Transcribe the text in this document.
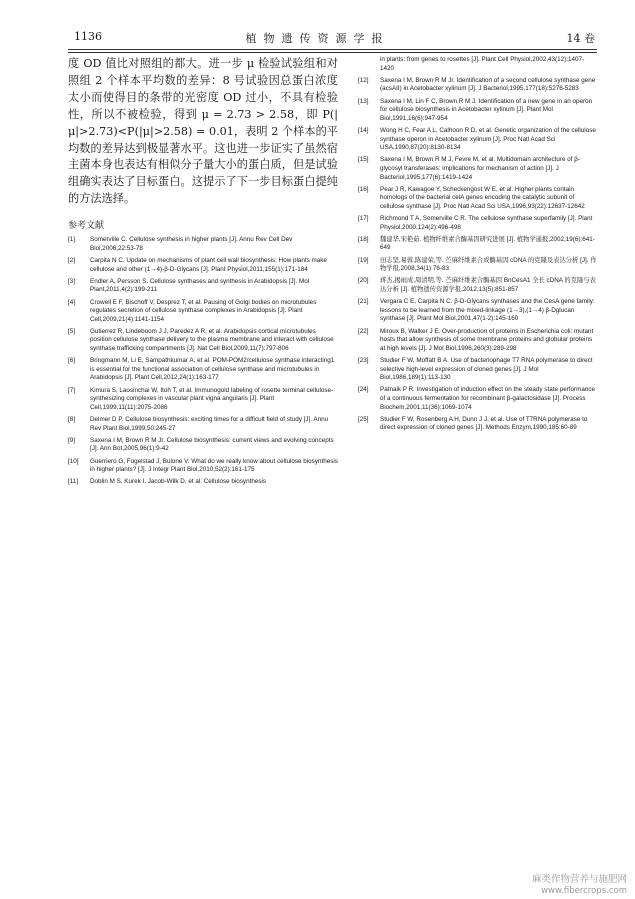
1136	植物遗传资源学报	14 卷

度 OD 值比对照组的都大。进一步 μ 检验试验组和对照组 2 个样本平均数的差异：8 号试验因总蛋白浓度太小而使得目的条带的光密度 OD 过小，不具有检验性，所以不被检验，得到 μ = 2.73 > 2.58，即 P(|μ|>2.73)<P(|μ|>2.58) = 0.01，表明 2 个样本的平均数的差异达到极显著水平。这也进一步证实了虽然宿主菌本身也表达有相似分子量大小的蛋白质，但是试验组确实表达了目标蛋白。这提示了下一步目标蛋白提纯的方法选择。

参考文献
[1] Somerville C. Cellulose synthesis in higher plants [J]. Annu Rev Cell Dev Biol,2006,22:53-78
[2] Carpita N C. Update on mechanisms of plant cell wall biosynthesis: How plants make cellulose and other (1→4)-β-D-Glycans [J]. Plant Physiol,2011,155(1):171-184
[3] Endler A, Persson S. Cellulose synthases and synthesis in Arabidopsis [J]. Mol Plant,2011,4(2):199-211
[4] Crowell E F, Bischoff V, Desprez T, et al. Pausing of Golgi bodies on microtubules regulates secretion of cellulose synthase complexes in Arabidopsis [J]. Plant Cell,2009,21(4):1141-1154
[5] Gutierrez R, Lindeboom J J, Paredez A R, et al. Arabidopsis cortical microtubules position cellulose synthase delivery to the plasma membrane and interact with cellulose synthase trafficking compartments [J]. Nat Cell Biol,2009,11(7):797-806
[6] Bringmann M, Li E, Sampathkumar A, et al. POM-POM2/cellulose synthase interacting1 is essential for the functional association of cellulose synthase and microtubules in Arabidopsis [J]. Plant Cell,2012,24(1):163-177
[7] Kimura S, Laosinchai W, Itoh T, et al. Immunogold labeling of rosette terminal cellulose-synthesizing complexes in vascular plant vigna angularis [J]. Plant Cell,1999,11(11):2075-2086
[8] Delmer D P. Cellulose biosynthesis: exciting times for a difficult field of study [J]. Annu Rev Plant Biol,1999,50:245-27
[9] Saxena I M, Brown R M Jr. Cellulose biosynthesis: current views and evolving concepts [J]. Ann Bot,2005,96(1):9-42
[10] Guerriero G, Fugelstad J, Bulone V. What do we really know about cellulose biosynthesis in higher plants? [J]. J Integr Plant Biol,2010,52(2):161-175
[11] Doblin M S, Kurek I, Jacob-Wilk D, et al. Cellulose biosynthesis
in plants: from genes to rosettes [J]. Plant Cell Physiol,2002,43(12):1407-1420
[12] Saxena I M, Brown R M Jr. Identification of a second cellulose synthase gene (acsAII) in Acetobacter xylinum [J]. J Bacteriol,1995,177(18):5276-5283
[13] Saxena I M, Lin F C, Brown R M J. Identification of a new gene in an operon for cellulose biosynthesis in Acetobacter xylinum [J]. Plant Mol Biol,1991,16(6):947-954
[14] Wong H C, Fear A L, Calhoon R D, et al. Genetic organization of the cellulose synthase operon in Acetobacter xylinum [J]. Proc Natl Acad Sci USA,1990,87(20):8130-8134
[15] Saxena I M, Brown R M J, Fevre M, et al. Multidomain architecture of β-glycosyl transferases: implications for mechanism of action [J]. J Bacteriol,1995,177(6):1419-1424
[16] Pear J R, Kawagoe Y, Scheckengost W E, et al. Higher plants contain homologs of the bacterial celA genes encoding the catalytic subunit of cellulose synthase [J]. Proc Natl Acad Sci USA,1996,93(22):12637-12642
[17] Richmond T A, Somerville C R. The cellulose synthase superfamily [J]. Plant Physiol,2000,124(2):496-498
[18] 魏建华,宋艳茹. 植物纤维素合酶基因研究进展 [J]. 植物学通报,2002,19(6):641-649
[19] 田志坚,易蓉,陈建荣,等. 苎麻纤维素合成酶基因 cDNA 的克隆及表达分析 [J]. 作物学报,2008,34(1):76-83
[20] 蒋杰,揭雨成,周清明,等. 苎麻纤维素合酶基因 BnCesA1 全长 cDNA 的克隆与表达分析 [J]. 植物遗传资源学报,2012,13(5):851-857
[21] Vergara C E, Carpita N C. β-D-Glycans synthases and the CesA gene family: lessons to be learned from the mixed-linkage (1→3),(1→4) β-Dglucan synthase [J]. Plant Mol Biol,2001,47(1-2):145-160
[22] Miroux B, Walker J E. Over-production of proteins in Escherichia coli: mutant hosts that allow synthesis of some membrane proteins and globular proteins at high levels [J]. J Mol Biol,1996,260(3):289-298
[23] Studier F W, Moffatt B A. Use of bacteriophage T7 RNA polymerase to direct selective high-level expression of cloned genes [J]. J Mol Biol,1986,189(1):113-130
[24] Patnaik P R. Investigation of induction effect on the steady state performance of a continuous fermentation for recombinant β-galactosidase [J]. Process Biochem,2001,11(36):1069-1074
[25] Studier F W, Rosenberg A H, Dunn J J, et al. Use of T7RNA polymerase to direct expression of cloned genes [J]. Methods Enzym,1990,185:60-89
麻类作物营养与施肥网
www.fibercrops.com
